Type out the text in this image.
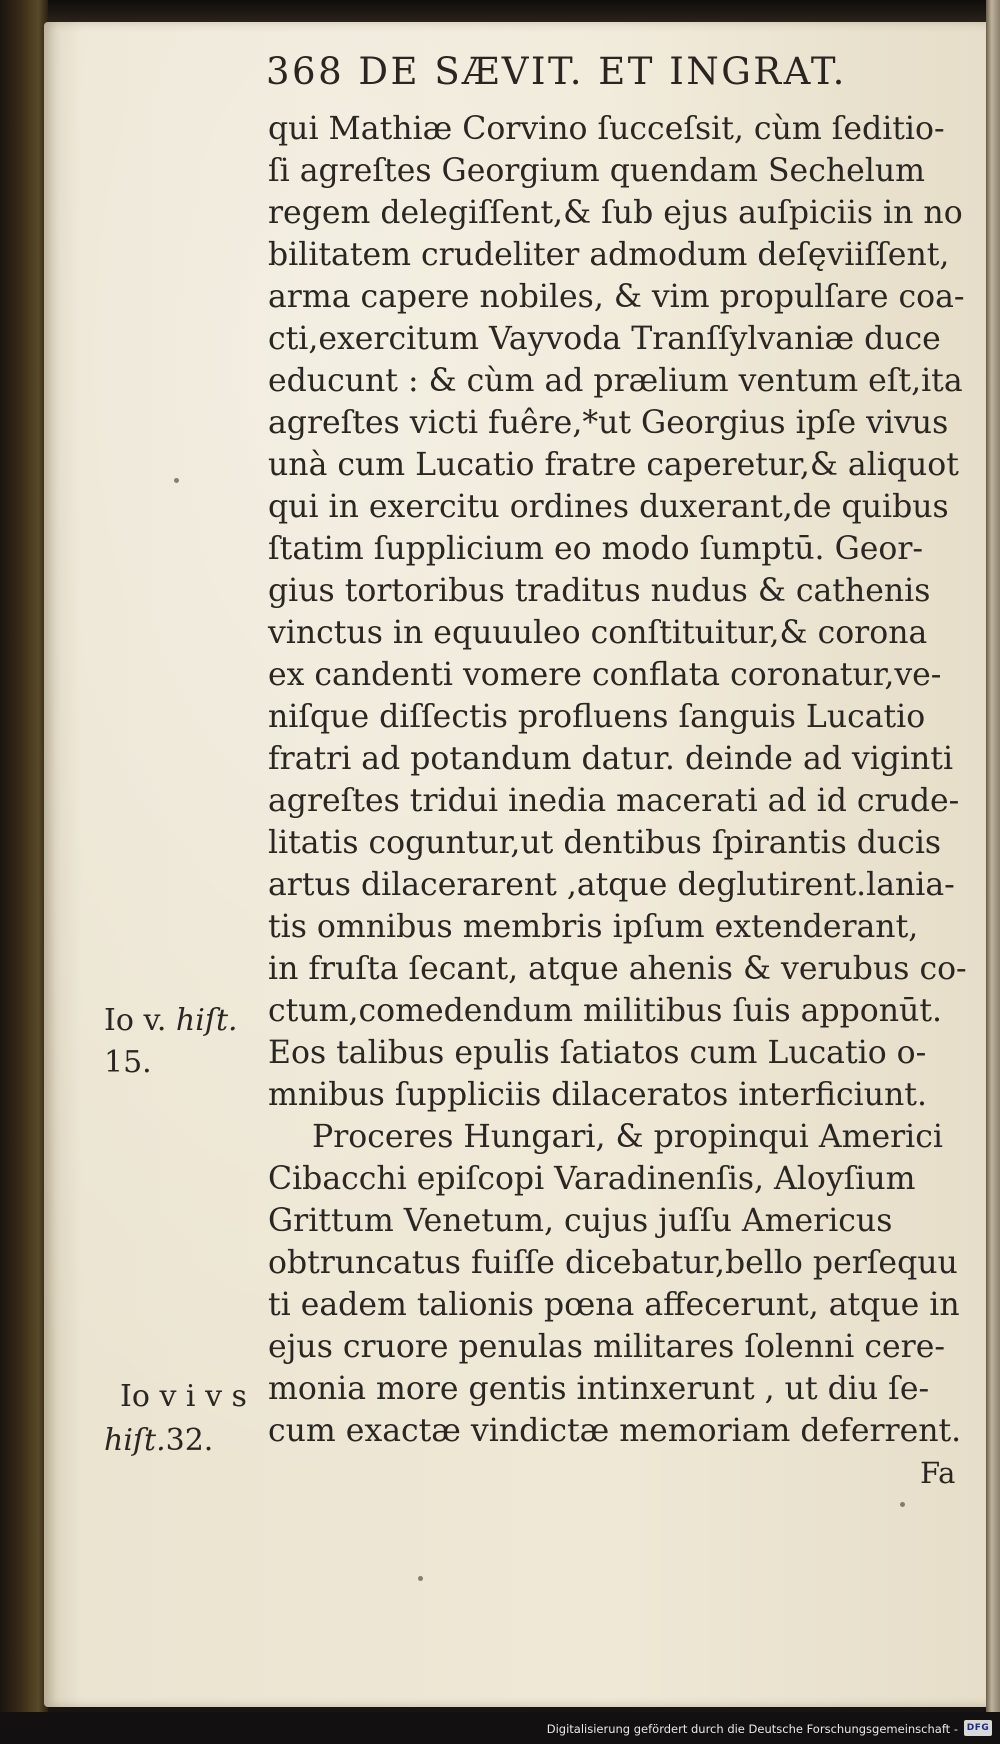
368 DE SÆVIT. ET INGRAT.
qui Mathiæ Corvino ſucceſsit, cùm ſeditio-
ſi agreſtes Georgium quendam Sechelum
regem delegiſſent,& ſub ejus auſpiciis in no
bilitatem crudeliter admodum deſęviiſſent,
arma capere nobiles, & vim propulſare coa-
cti,exercitum Vayvoda Tranſſylvaniæ duce
educunt : & cùm ad prælium ventum eſt,ita
agreſtes victi fuêre,*ut Georgius ipſe vivus
unà cum Lucatio fratre caperetur,& aliquot
qui in exercitu ordines duxerant,de quibus
ſtatim ſupplicium eo modo ſumptū. Geor-
gius tortoribus traditus nudus & cathenis
vinctus in equuuleo conſtituitur,& corona
ex candenti vomere conflata coronatur,ve-
niſque diſſectis profluens ſanguis Lucatio
fratri ad potandum datur. deinde ad viginti
agreſtes tridui inedia macerati ad id crude-
litatis coguntur,ut dentibus ſpirantis ducis
artus dilacerarent ,atque deglutirent.lania-
tis omnibus membris ipſum extenderant,
in fruſta ſecant, atque ahenis & verubus co-
ctum,comedendum militibus ſuis apponūt.
Eos talibus epulis ſatiatos cum Lucatio o-
mnibus ſuppliciis dilaceratos interficiunt.
Proceres Hungari, & propinqui Americi
Cibacchi epiſcopi Varadinenſis, Aloyſium
Grittum Venetum, cujus juſſu Americus
obtruncatus fuiſſe dicebatur,bello perſequu
ti eadem talionis pœna affecerunt, atque in
ejus cruore penulas militares ſolenni cere-
monia more gentis intinxerunt , ut diu ſe-
cum exactæ vindictæ memoriam deferrent.
Fa
Io v. hiſt.
15.
Io v i v s
hiſt.32.
Digitalisierung gefördert durch die Deutsche Forschungsgemeinschaft - DFG
